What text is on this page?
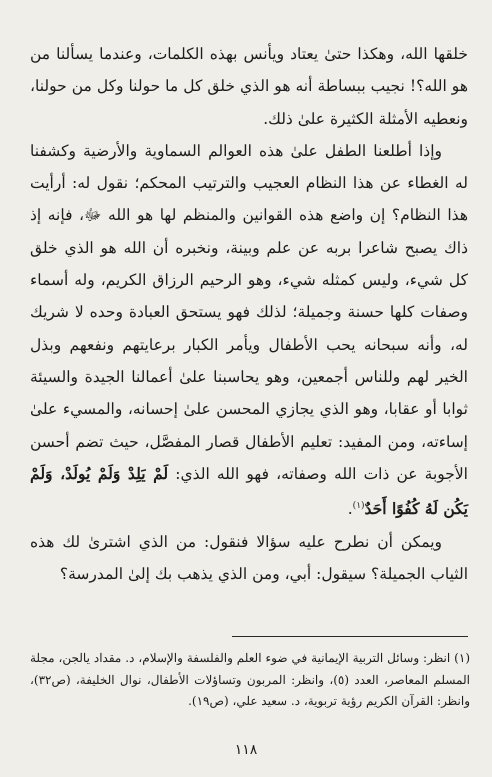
خلقها الله، وهكذا حتىٰ يعتاد ويأنس بهذه الكلمات، وعندما يسألنا من هو الله؟! نجيب ببساطة أنه هو الذي خلق كل ما حولنا وكل من حولنا، ونعطيه الأمثلة الكثيرة علىٰ ذلك.

وإذا أطلعنا الطفل علىٰ هذه العوالم السماوية والأرضية وكشفنا له الغطاء عن هذا النظام العجيب والترتيب المحكم؛ نقول له: أرأيت هذا النظام؟ إن واضع هذه القوانين والمنظم لها هو الله ﷻ، فإنه إذ ذاك يصبح شاعرا بربه عن علم وبينة، ونخبره أن الله هو الذي خلق كل شيء، وليس كمثله شيء، وهو الرحيم الرزاق الكريم، وله أسماء وصفات كلها حسنة وجميلة؛ لذلك فهو يستحق العبادة وحده لا شريك له، وأنه سبحانه يحب الأطفال ويأمر الكبار برعايتهم ونفعهم وبذل الخير لهم وللناس أجمعين، وهو يحاسبنا علىٰ أعمالنا الجيدة والسيئة ثوابا أو عقابا، وهو الذي يجازي المحسن علىٰ إحسانه، والمسيء علىٰ إساءته، ومن المفيد: تعليم الأطفال قصار المفصَّل، حيث تضم أحسن الأجوبة عن ذات الله وصفاته، فهو الله الذي: لَمْ يَلِدْ وَلَمْ يُولَدْ، وَلَمْ يَكُن لَهُ كُفُوًا أَحَدٌ$^{(١)}$.

ويمكن أن نطرح عليه سؤالا فنقول: من الذي اشترىٰ لك هذه الثياب الجميلة؟ سيقول: أبي، ومن الذي يذهب بك إلىٰ المدرسة؟

(١) انظر: وسائل التربية الإيمانية في ضوء العلم والفلسفة والإسلام، د. مقداد يالجن، مجلة المسلم المعاصر، العدد (٥)، وانظر: المربون وتساؤلات الأطفال، نوال الخليفة، (ص٣٢)، وانظر: القرآن الكريم رؤية تربوية، د. سعيد علي، (ص١٩).

١١٨
